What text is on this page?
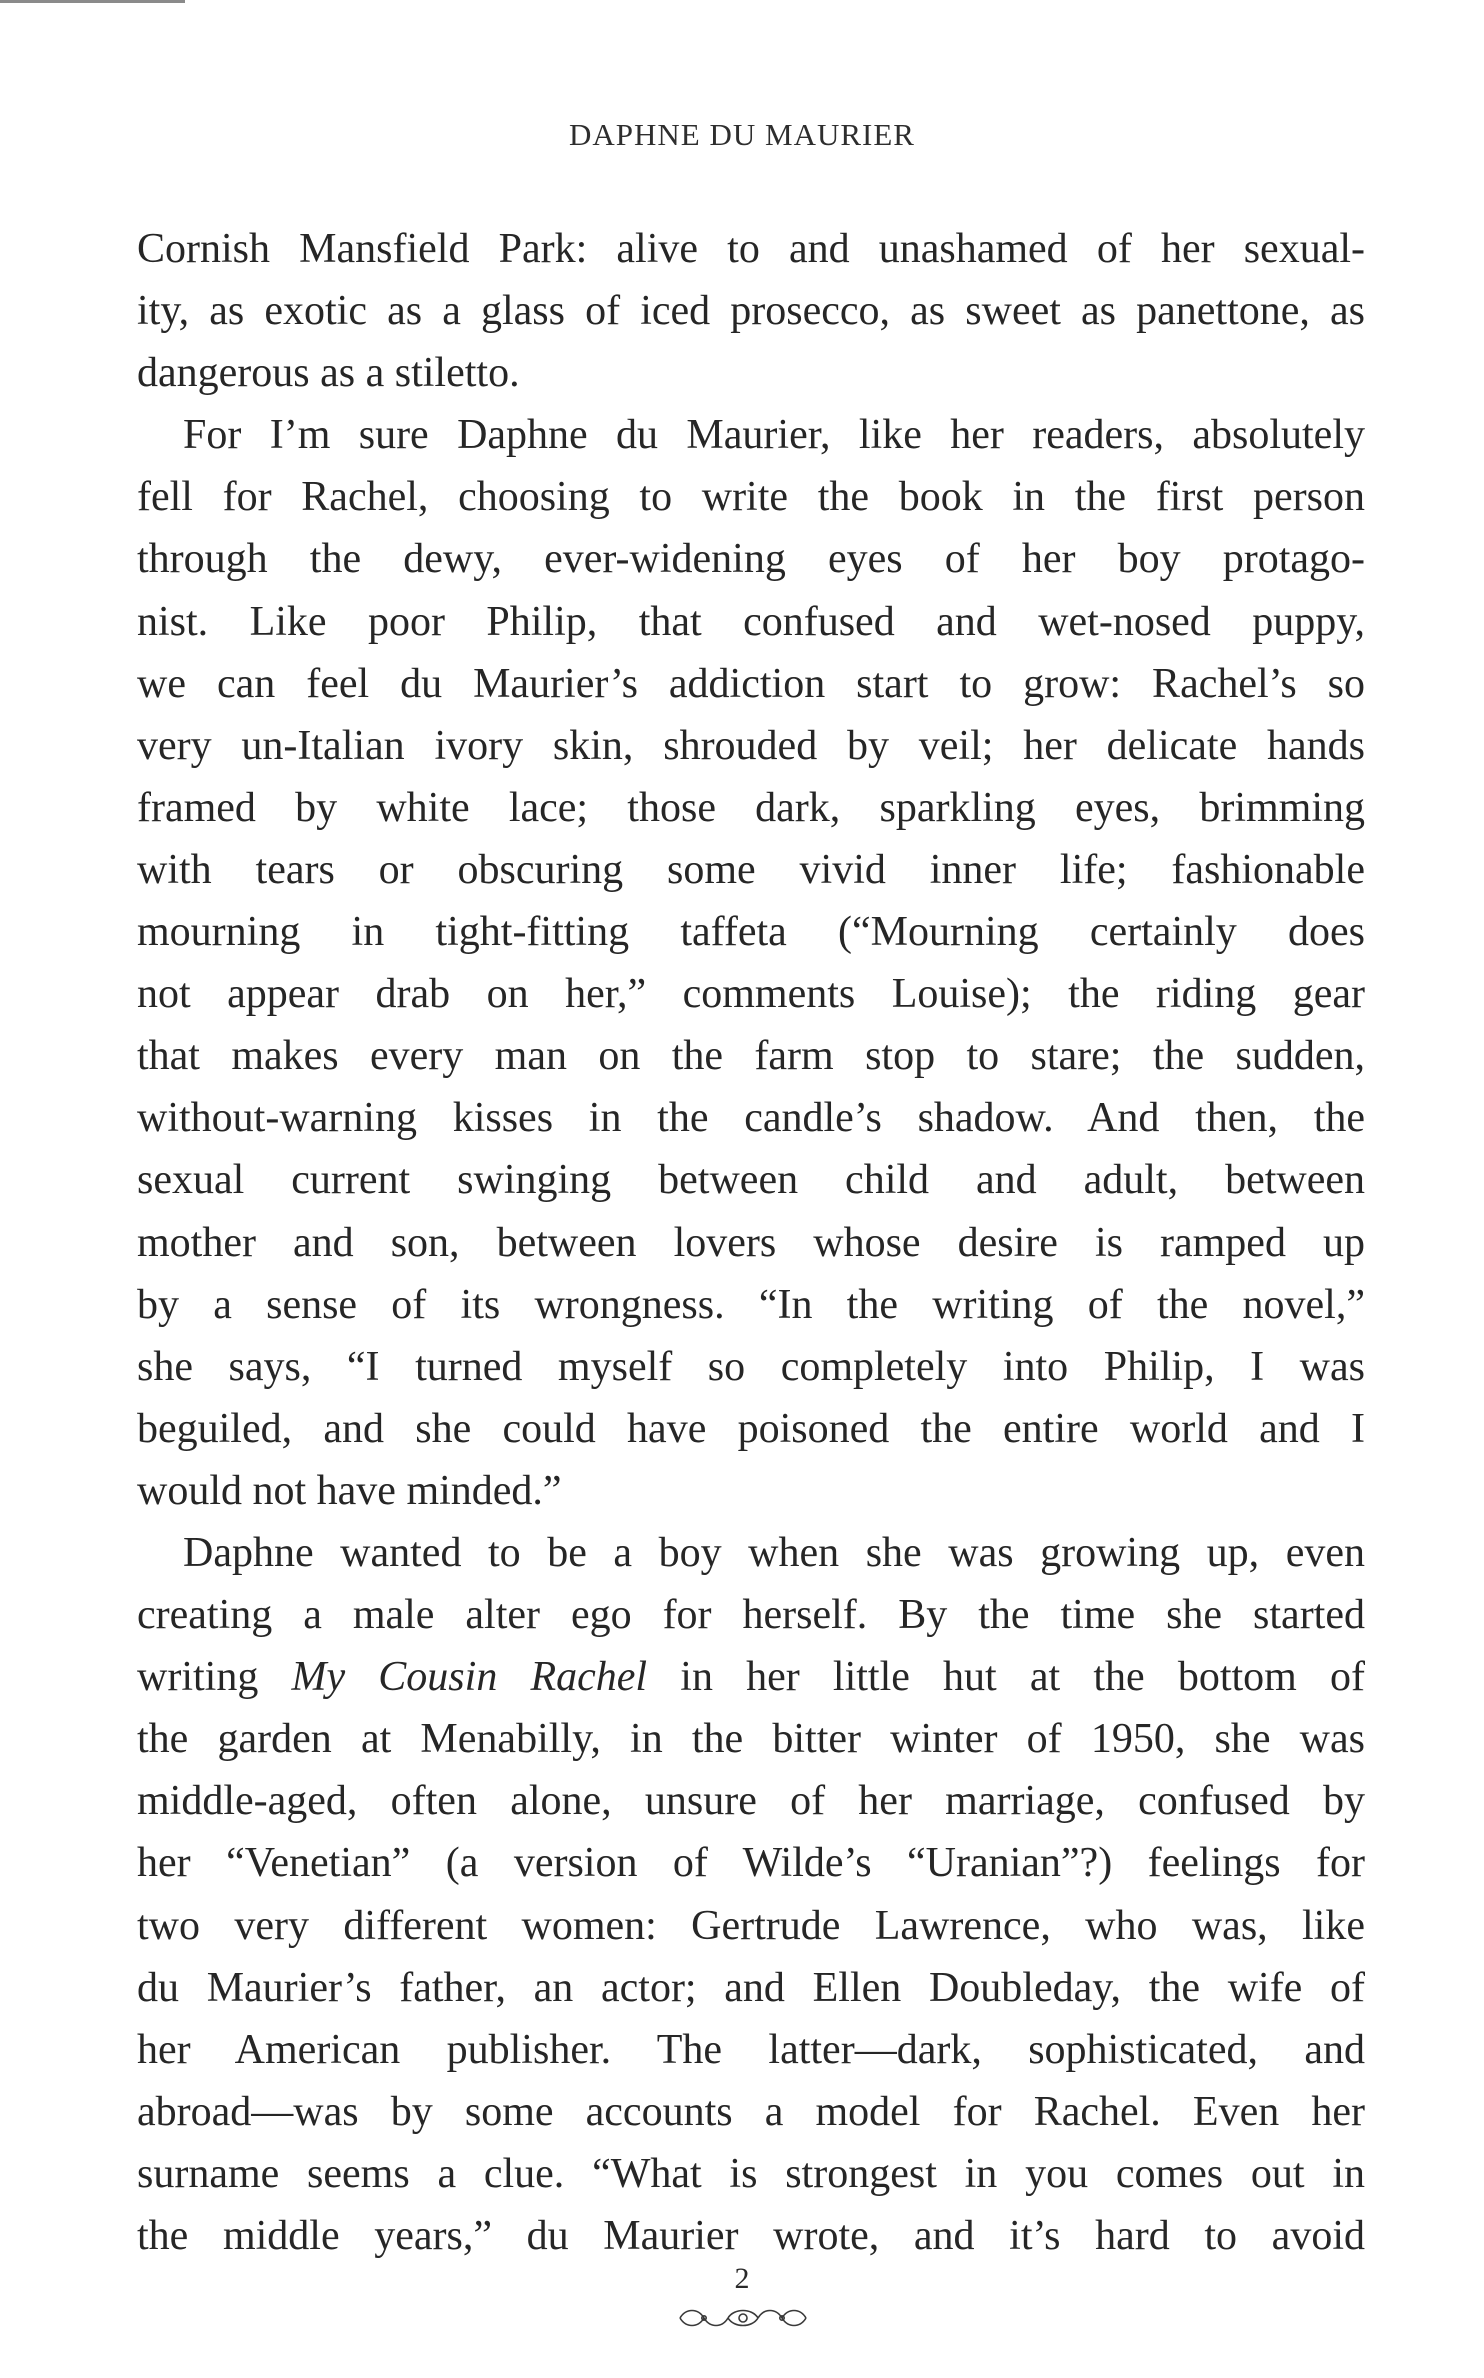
DAPHNE DU MAURIER
Cornish Mansfield Park: alive to and unashamed of her sexual-
ity, as exotic as a glass of iced prosecco, as sweet as panettone, as
dangerous as a stiletto.
For I’m sure Daphne du Maurier, like her readers, absolutely
fell for Rachel, choosing to write the book in the first person
through the dewy, ever-widening eyes of her boy protago-
nist. Like poor Philip, that confused and wet-nosed puppy,
we can feel du Maurier’s addiction start to grow: Rachel’s so
very un-Italian ivory skin, shrouded by veil; her delicate hands
framed by white lace; those dark, sparkling eyes, brimming
with tears or obscuring some vivid inner life; fashionable
mourning in tight-fitting taffeta (“Mourning certainly does
not appear drab on her,” comments Louise); the riding gear
that makes every man on the farm stop to stare; the sudden,
without-warning kisses in the candle’s shadow. And then, the
sexual current swinging between child and adult, between
mother and son, between lovers whose desire is ramped up
by a sense of its wrongness. “In the writing of the novel,”
she says, “I turned myself so completely into Philip, I was
beguiled, and she could have poisoned the entire world and I
would not have minded.”
Daphne wanted to be a boy when she was growing up, even
creating a male alter ego for herself. By the time she started
writing My Cousin Rachel in her little hut at the bottom of
the garden at Menabilly, in the bitter winter of 1950, she was
middle-aged, often alone, unsure of her marriage, confused by
her “Venetian” (a version of Wilde’s “Uranian”?) feelings for
two very different women: Gertrude Lawrence, who was, like
du Maurier’s father, an actor; and Ellen Doubleday, the wife of
her American publisher. The latter—dark, sophisticated, and
abroad—was by some accounts a model for Rachel. Even her
surname seems a clue. “What is strongest in you comes out in
the middle years,” du Maurier wrote, and it’s hard to avoid
2
